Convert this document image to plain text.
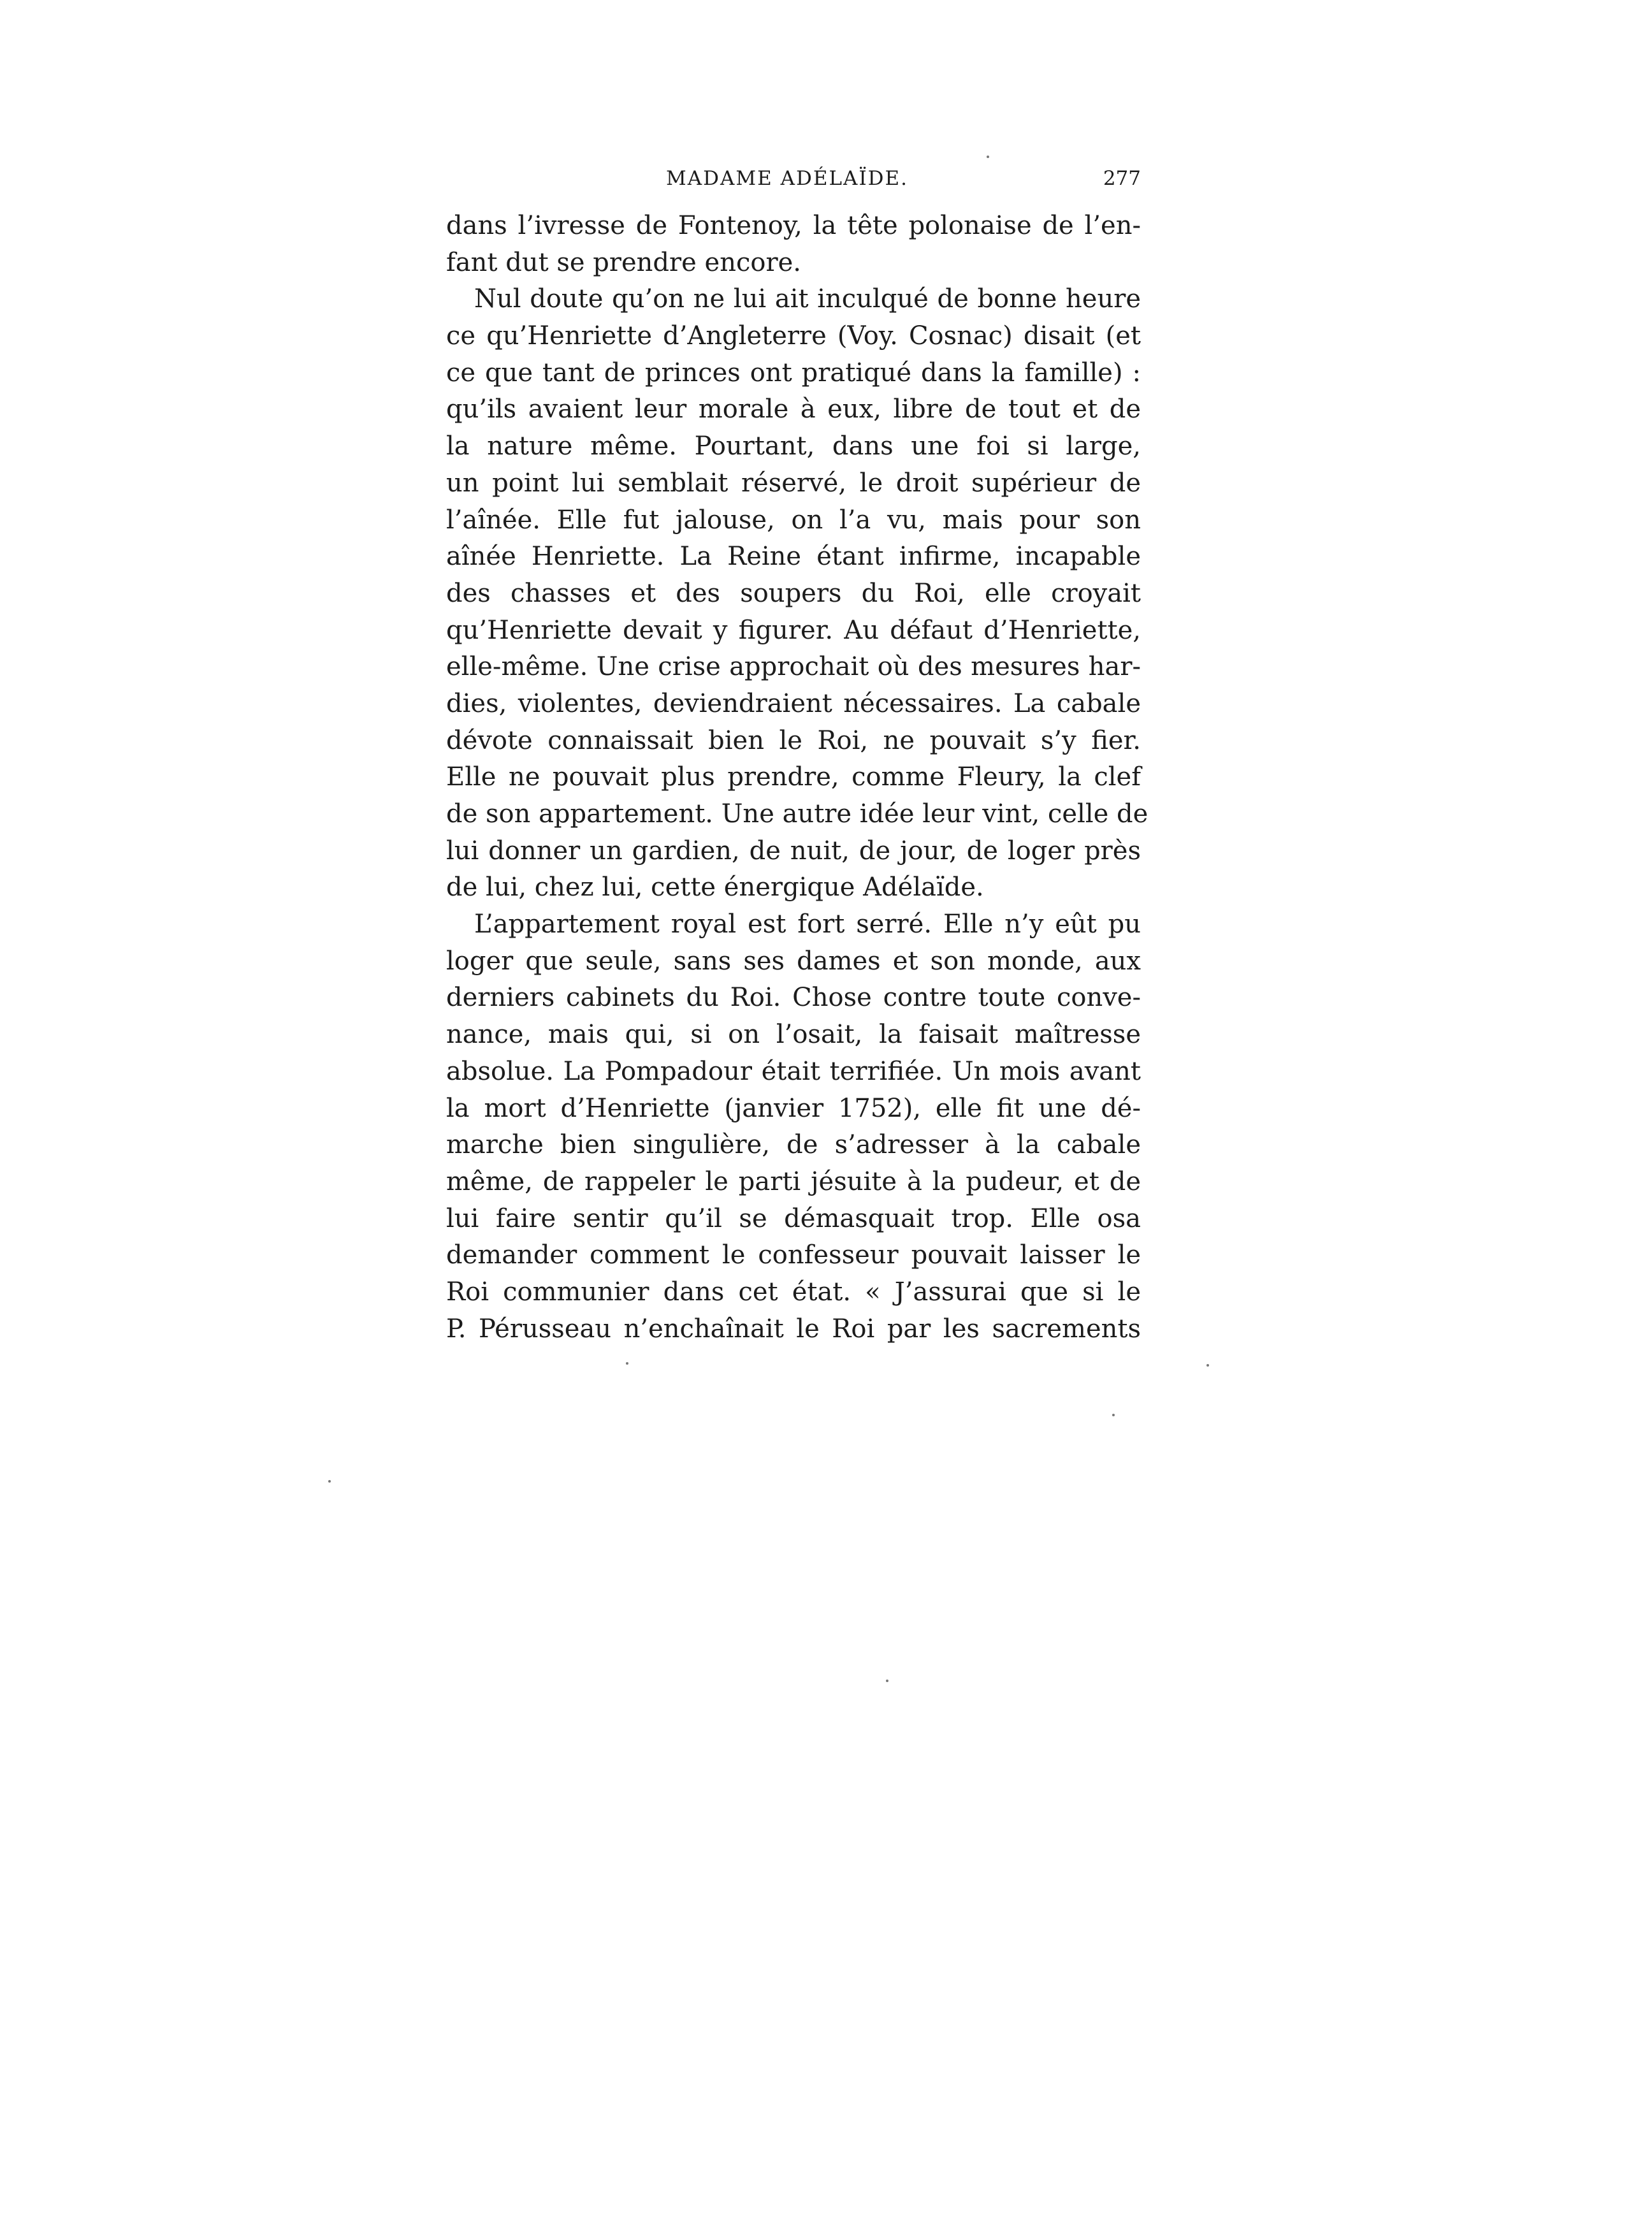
MADAME ADÉLAÏDE.	277
dans l’ivresse de Fontenoy, la tête polonaise de l’en-
fant dut se prendre encore.
Nul doute qu’on ne lui ait inculqué de bonne heure
ce qu’Henriette d’Angleterre (Voy. Cosnac) disait (et
ce que tant de princes ont pratiqué dans la famille) :
qu’ils avaient leur morale à eux, libre de tout et de
la nature même. Pourtant, dans une foi si large,
un point lui semblait réservé, le droit supérieur de
l’aînée. Elle fut jalouse, on l’a vu, mais pour son
aînée Henriette. La Reine étant infirme, incapable
des chasses et des soupers du Roi, elle croyait
qu’Henriette devait y figurer. Au défaut d’Henriette,
elle-même. Une crise approchait où des mesures har-
dies, violentes, deviendraient nécessaires. La cabale
dévote connaissait bien le Roi, ne pouvait s’y fier.
Elle ne pouvait plus prendre, comme Fleury, la clef
de son appartement. Une autre idée leur vint, celle de
lui donner un gardien, de nuit, de jour, de loger près
de lui, chez lui, cette énergique Adélaïde.
L’appartement royal est fort serré. Elle n’y eût pu
loger que seule, sans ses dames et son monde, aux
derniers cabinets du Roi. Chose contre toute conve-
nance, mais qui, si on l’osait, la faisait maîtresse
absolue. La Pompadour était terrifiée. Un mois avant
la mort d’Henriette (janvier 1752), elle fit une dé-
marche bien singulière, de s’adresser à la cabale
même, de rappeler le parti jésuite à la pudeur, et de
lui faire sentir qu’il se démasquait trop. Elle osa
demander comment le confesseur pouvait laisser le
Roi communier dans cet état. « J’assurai que si le
P. Pérusseau n’enchaînait le Roi par les sacrements
